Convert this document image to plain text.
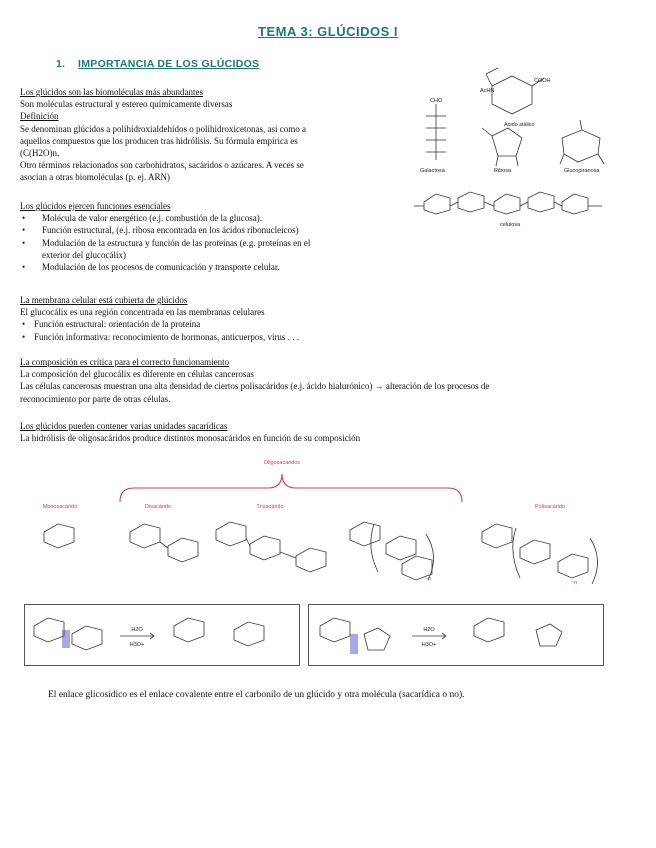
TEMA 3: GLÚCIDOS I
1. IMPORTANCIA DE LOS GLÚCIDOS
Los glúcidos son las biomoléculas más abundantes
Son moléculas estructural y estereo químicamente diversas
Definición
Se denominan glúcidos a polihidroxialdehídos o polihidroxicetonas, así como a
aquellos compuestos que los producen tras hidrólisis. Su fórmula empírica es
(C(H2O)n.
Otro términos relacionados son carbohidratos, sacáridos o azúcares. A veces se
asocian a otras biomoléculas (p. ej. ARN)
Los glúcidos ejercen funciones esenciales
• Molécula de valor energético (e.j. combustión de la glucosa).
• Función estructural, (e.j. ribosa encontrada en los ácidos ribonucleicos)
• Modulación de la estructura y función de las proteínas (e.g. proteínas en el
exterior del glucocálix)
• Modulación de los procesos de comunicación y transporte celular.
La membrana celular está cubierta de glúcidos
El glucocálix es una región concentrada en las membranas celulares
• Función estructural: orientación de la proteína
• Función informativa: reconocimiento de hormonas, anticuerpos, virus . . .
La composición es crítica para el correcto funcionamiento
La composición del glucocálix es diferente en células cancerosas
Las células cancerosas muestran una alta densidad de ciertos polisacáridos (e.j. ácido hialurónico) → alteración de los procesos de
reconocimiento por parte de otras células.
Los glúcidos pueden contener varias unidades sacarídicas
La hidrólisis de oligosacáridos produce distintos monosacáridos en función de su composición
AcHN
COOH
Ácido siálico
CHO
Galactosa	Ribosa	Glucopiranosa
celulosa
Oligosacáridos
Monosacárido	Disacárido	Trisacárido	Polisacárido
~n
~n
H2O
H3O+
H2O
H3O+
El enlace glicosídico es el enlace covalente entre el carbonilo de un glúcido y otra molécula (sacarídica o no).
